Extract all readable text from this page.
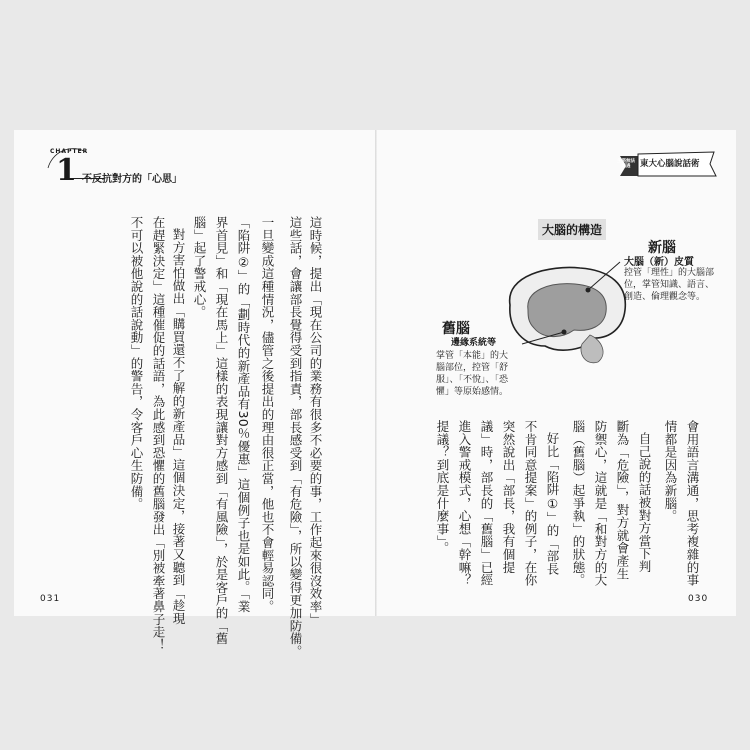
CHAPTER
1 不反抗對方的「心思」
這時候，提出「現在公司的業務有很多不必要的事，工作起來很沒效率」
這些話，會讓部長覺得受到指責，部長感受到「有危險」，所以變得更加防備。
一旦變成這種情況，儘管之後提出的理由很正當，他也不會輕易認同。
「陷阱②」的「劃時代的新產品有30％優惠」這個例子也是如此。「業
界首見」和「現在馬上」這樣的表現讓對方感到「有風險」，於是客戶的「舊
腦」起了警戒心。
對方害怕做出「購買還不了解的新產品」這個決定，接著又聽到「趁現
在趕緊決定」這種催促的話語，為此感到恐懼的舊腦發出「別被牽著鼻子走！
不可以被他說的話說動」的警告，令客戶心生防備。
031
主張無法通過	東大心腦說話術
大腦的構造
新腦
大腦（新）皮質
控管「理性」的大腦部位，掌管知識、語言、創造、倫理觀念等。
舊腦
邊緣系統等
掌管「本能」的大腦部位，控管「舒服」、「不悅」、「恐懼」等原始感情。
會用語言溝通，思考複雜的事
情都是因為新腦。
自己說的話被對方當下判
斷為「危險」，對方就會產生
防禦心，這就是「和對方的大
腦（舊腦）起爭執」的狀態。
好比「陷阱①」的「部長
不肯同意提案」的例子，在你
突然說出「部長，我有個提
議」時，部長的「舊腦」已經
進入警戒模式，心想「幹嘛？
提議？到底是什麼事」。
030
